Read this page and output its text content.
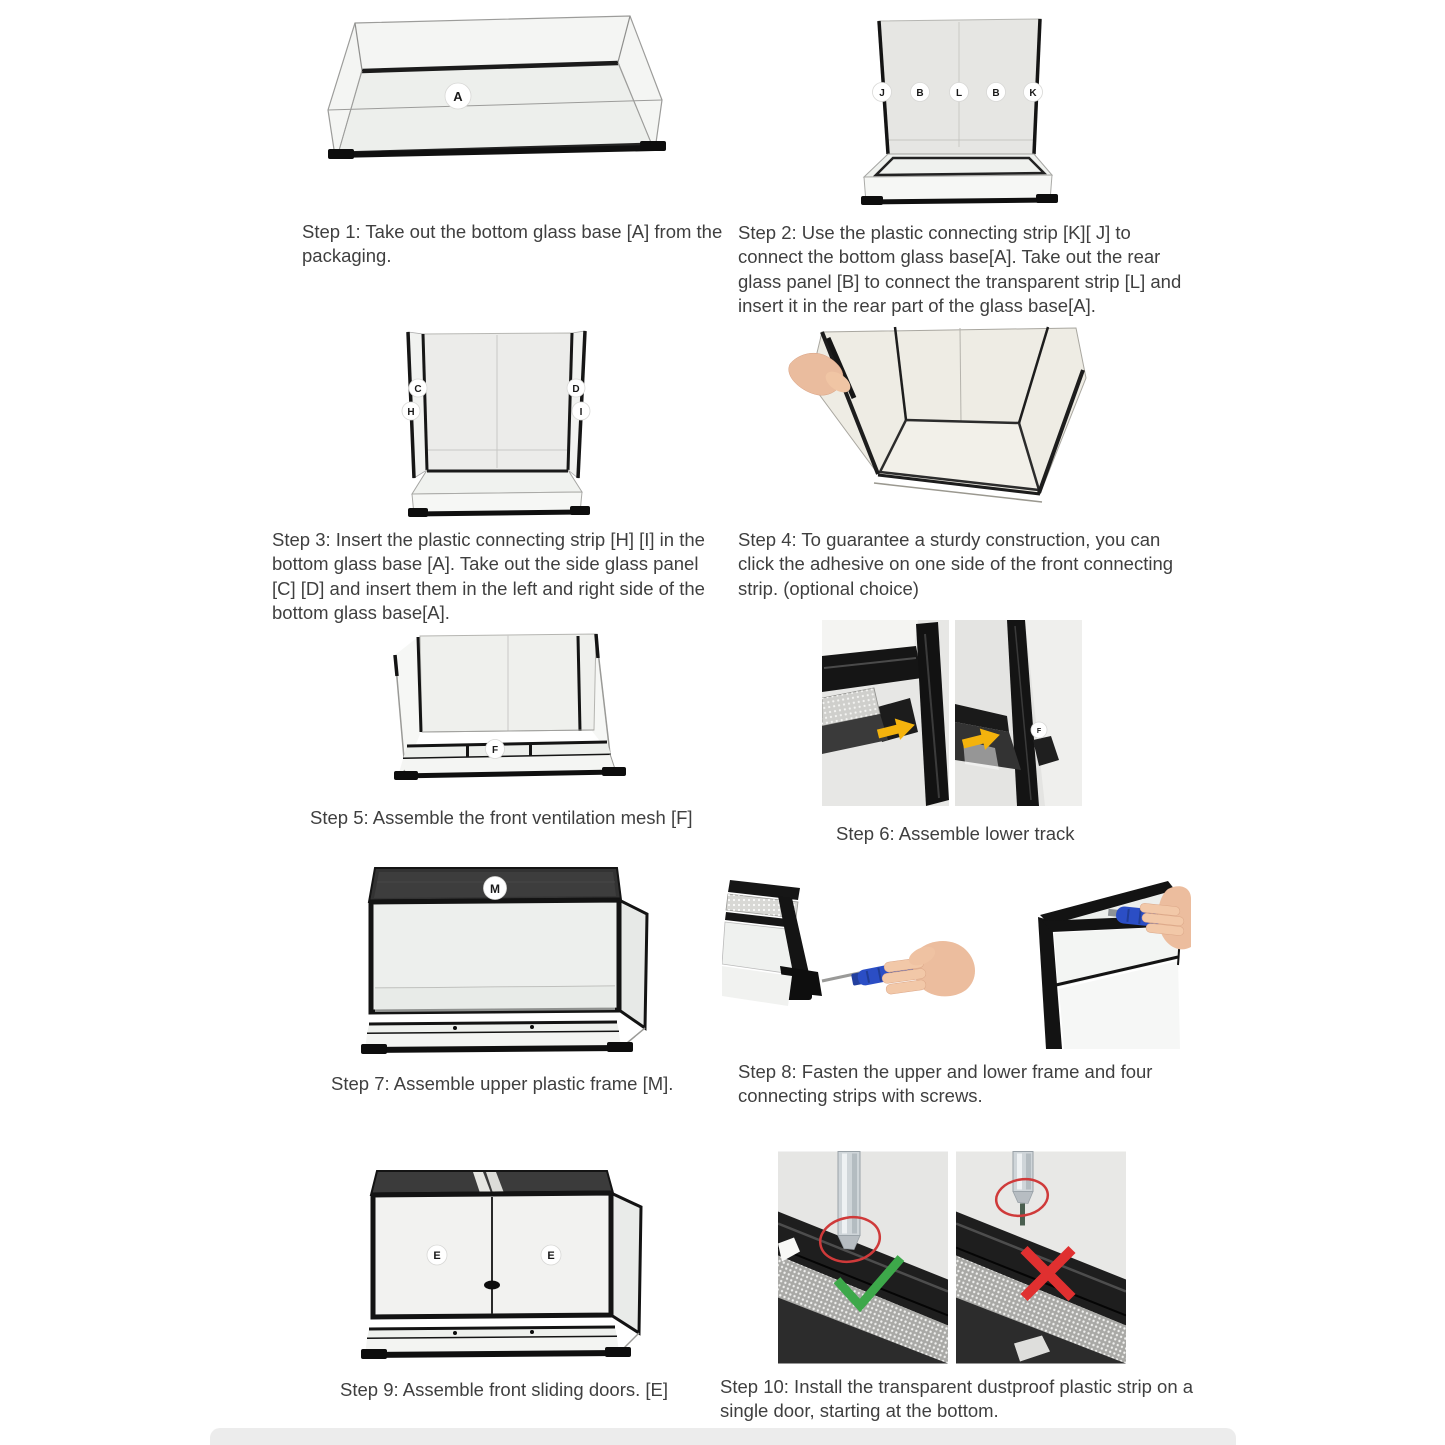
A	J	B	L	B	K
C	D
H	I
F
F
M
E	E

Step 1: Take out the bottom glass base [A] from the packaging.

Step 2: Use the plastic connecting strip [K][ J] to connect the bottom glass base[A]. Take out the rear glass panel [B] to connect the transparent strip [L] and insert it in the rear part of the glass base[A].

Step 3: Insert the plastic connecting strip [H] [I] in the bottom glass base [A]. Take out the side glass panel [C] [D] and insert them in the left and right side of the bottom glass base[A].

Step 4: To guarantee a sturdy construction, you can click the adhesive on one side of the front connecting strip. (optional choice)

Step 5: Assemble the front ventilation mesh [F]

Step 6: Assemble lower track

Step 7: Assemble upper plastic frame [M].

Step 8: Fasten the upper and lower frame and four connecting strips with screws.

Step 9: Assemble front sliding doors. [E]	Step 10: Install the transparent dustproof plastic strip on a single door, starting at the bottom.
